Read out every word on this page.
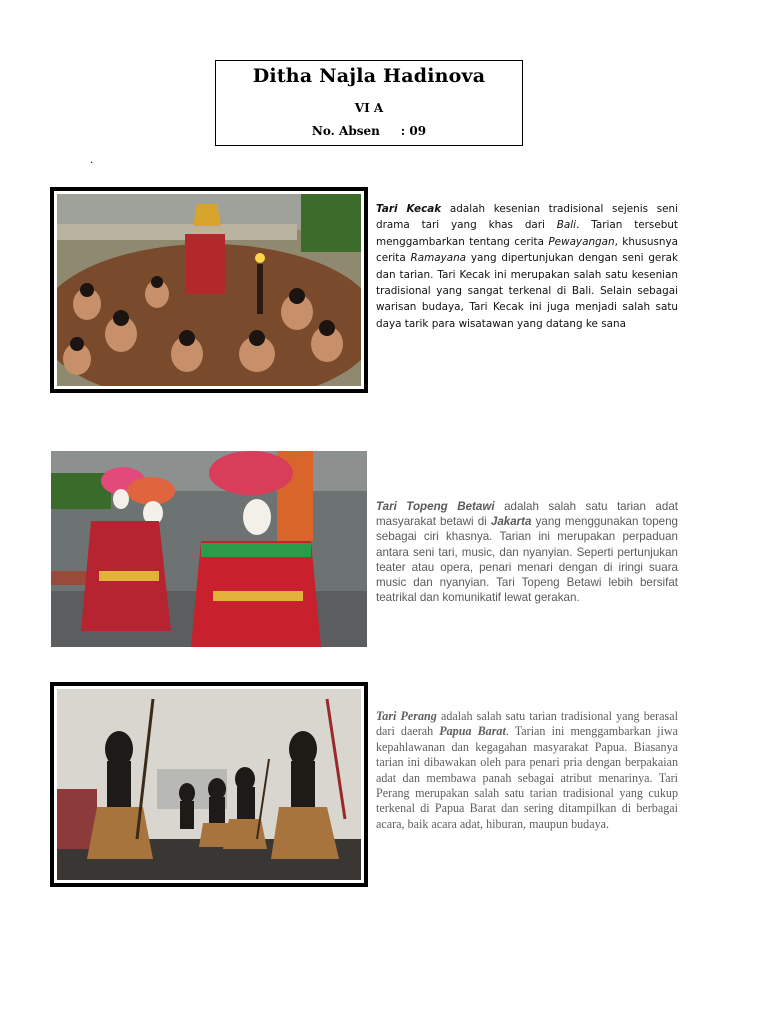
Ditha Najla Hadinova
VI A
No. Absen     : 09
.
Tari Kecak adalah kesenian tradisional sejenis seni drama tari yang khas dari Bali. Tarian tersebut menggambarkan tentang cerita Pewayangan, khususnya cerita Ramayana yang dipertunjukan dengan seni gerak dan tarian. Tari Kecak ini merupakan salah satu kesenian tradisional yang sangat terkenal di Bali. Selain sebagai warisan budaya, Tari Kecak ini juga menjadi salah satu daya tarik para wisatawan yang datang ke sana
Tari Topeng Betawi adalah salah satu tarian adat masyarakat betawi di Jakarta yang menggunakan topeng sebagai ciri khasnya. Tarian ini merupakan perpaduan antara seni tari, music, dan nyanyian. Seperti pertunjukan teater atau opera, penari menari dengan di iringi suara music dan nyanyian. Tari Topeng Betawi lebih bersifat teatrikal dan komunikatif lewat gerakan.
Tari Perang adalah salah satu tarian tradisional yang berasal dari daerah Papua Barat. Tarian ini menggambarkan jiwa kepahlawanan dan kegagahan masyarakat Papua. Biasanya tarian ini dibawakan oleh para penari pria dengan berpakaian adat dan membawa panah sebagai atribut menarinya. Tari Perang merupakan salah satu tarian tradisional yang cukup terkenal di Papua Barat dan sering ditampilkan di berbagai acara, baik acara adat, hiburan, maupun budaya.
